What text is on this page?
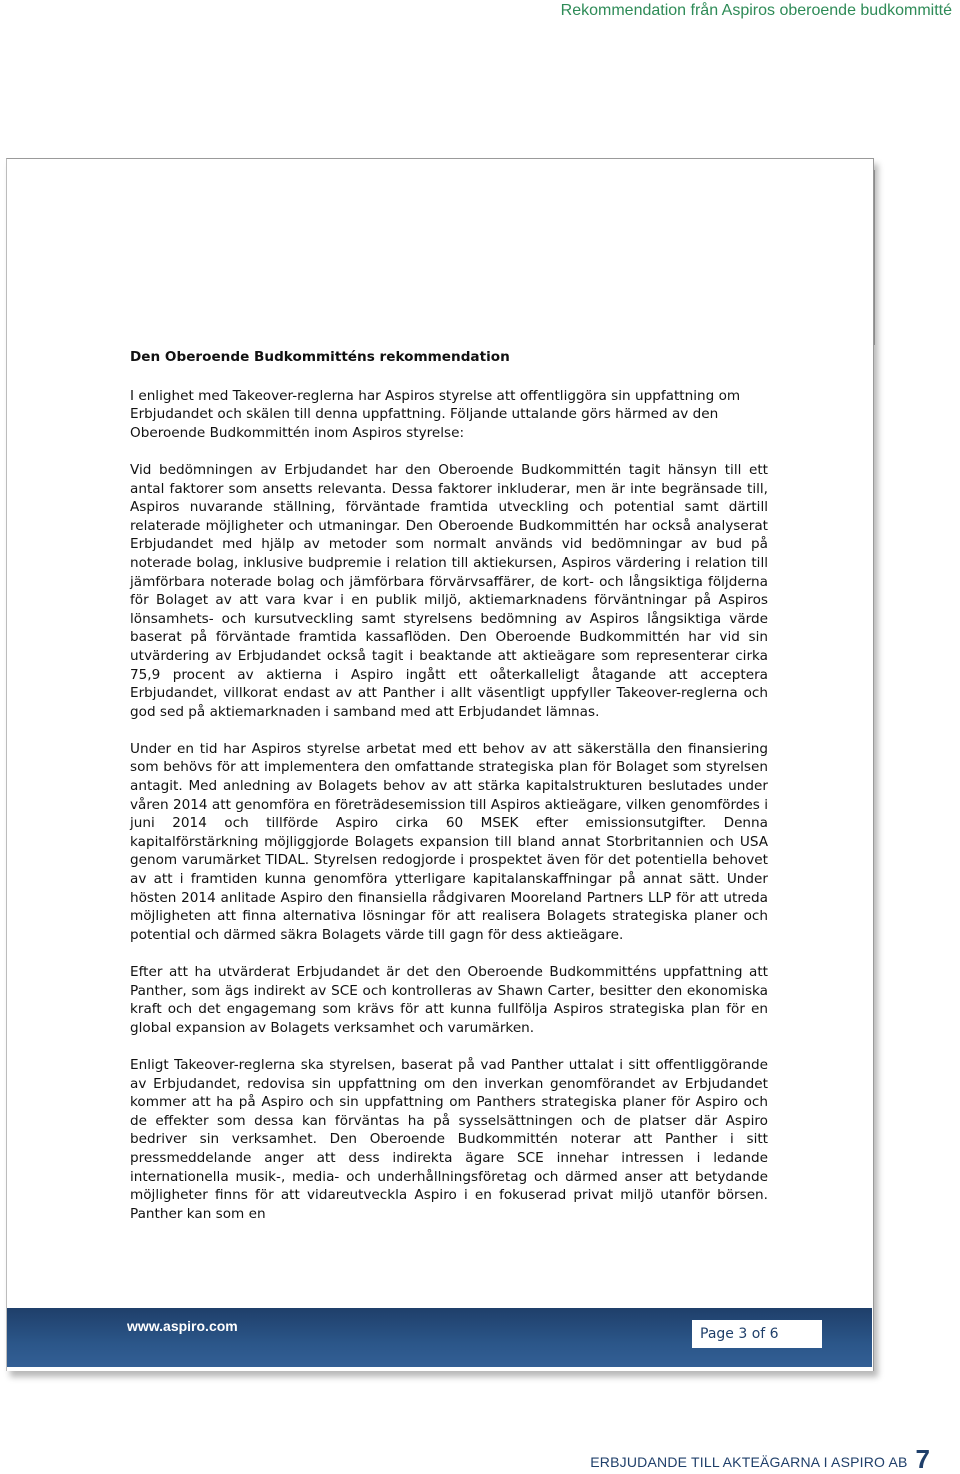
Rekommendation från Aspiros oberoende budkommitté
Den Oberoende Budkommitténs rekommendation

I enlighet med Takeover-reglerna har Aspiros styrelse att offentliggöra sin uppfattning om Erbjudandet och skälen till denna uppfattning. Följande uttalande görs härmed av den Oberoende Budkommittén inom Aspiros styrelse:

Vid bedömningen av Erbjudandet har den Oberoende Budkommittén tagit hänsyn till ett antal faktorer som ansetts relevanta. Dessa faktorer inkluderar, men är inte begränsade till, Aspiros nuvarande ställning, förväntade framtida utveckling och potential samt därtill relaterade möjligheter och utmaningar. Den Oberoende Budkommittén har också analyserat Erbjudandet med hjälp av metoder som normalt används vid bedömningar av bud på noterade bolag, inklusive budpremie i relation till aktiekursen, Aspiros värdering i relation till jämförbara noterade bolag och jämförbara förvärvsaffärer, de kort- och långsiktiga följderna för Bolaget av att vara kvar i en publik miljö, aktiemarknadens förväntningar på Aspiros lönsamhets- och kursutveckling samt styrelsens bedömning av Aspiros långsiktiga värde baserat på förväntade framtida kassaflöden. Den Oberoende Budkommittén har vid sin utvärdering av Erbjudandet också tagit i beaktande att aktieägare som representerar cirka 75,9 procent av aktierna i Aspiro ingått ett oåterkalleligt åtagande att acceptera Erbjudandet, villkorat endast av att Panther i allt väsentligt uppfyller Takeover-reglerna och god sed på aktiemarknaden i samband med att Erbjudandet lämnas.

Under en tid har Aspiros styrelse arbetat med ett behov av att säkerställa den finansiering som behövs för att implementera den omfattande strategiska plan för Bolaget som styrelsen antagit. Med anledning av Bolagets behov av att stärka kapitalstrukturen beslutades under våren 2014 att genomföra en företrädesemission till Aspiros aktieägare, vilken genomfördes i juni 2014 och tillförde Aspiro cirka 60 MSEK efter emissionsutgifter. Denna kapitalförstärkning möjliggjorde Bolagets expansion till bland annat Storbritannien och USA genom varumärket TIDAL. Styrelsen redogjorde i prospektet även för det potentiella behovet av att i framtiden kunna genomföra ytterligare kapitalanskaffningar på annat sätt. Under hösten 2014 anlitade Aspiro den finansiella rådgivaren Mooreland Partners LLP för att utreda möjligheten att finna alternativa lösningar för att realisera Bolagets strategiska planer och potential och därmed säkra Bolagets värde till gagn för dess aktieägare.

Efter att ha utvärderat Erbjudandet är det den Oberoende Budkommitténs uppfattning att Panther, som ägs indirekt av SCE och kontrolleras av Shawn Carter, besitter den ekonomiska kraft och det engagemang som krävs för att kunna fullfölja Aspiros strategiska plan för en global expansion av Bolagets verksamhet och varumärken.

Enligt Takeover-reglerna ska styrelsen, baserat på vad Panther uttalat i sitt offentliggörande av Erbjudandet, redovisa sin uppfattning om den inverkan genomförandet av Erbjudandet kommer att ha på Aspiro och sin uppfattning om Panthers strategiska planer för Aspiro och de effekter som dessa kan förväntas ha på sysselsättningen och de platser där Aspiro bedriver sin verksamhet. Den Oberoende Budkommittén noterar att Panther i sitt pressmeddelande anger att dess indirekta ägare SCE innehar intressen i ledande internationella musik-, media- och underhållningsföretag och därmed anser att betydande möjligheter finns för att vidareutveckla Aspiro i en fokuserad privat miljö utanför börsen. Panther kan som en

www.aspiro.com	Page 3 of 6
ERBJUDANDE TILL AKTEÄGARNA I ASPIRO AB 7
